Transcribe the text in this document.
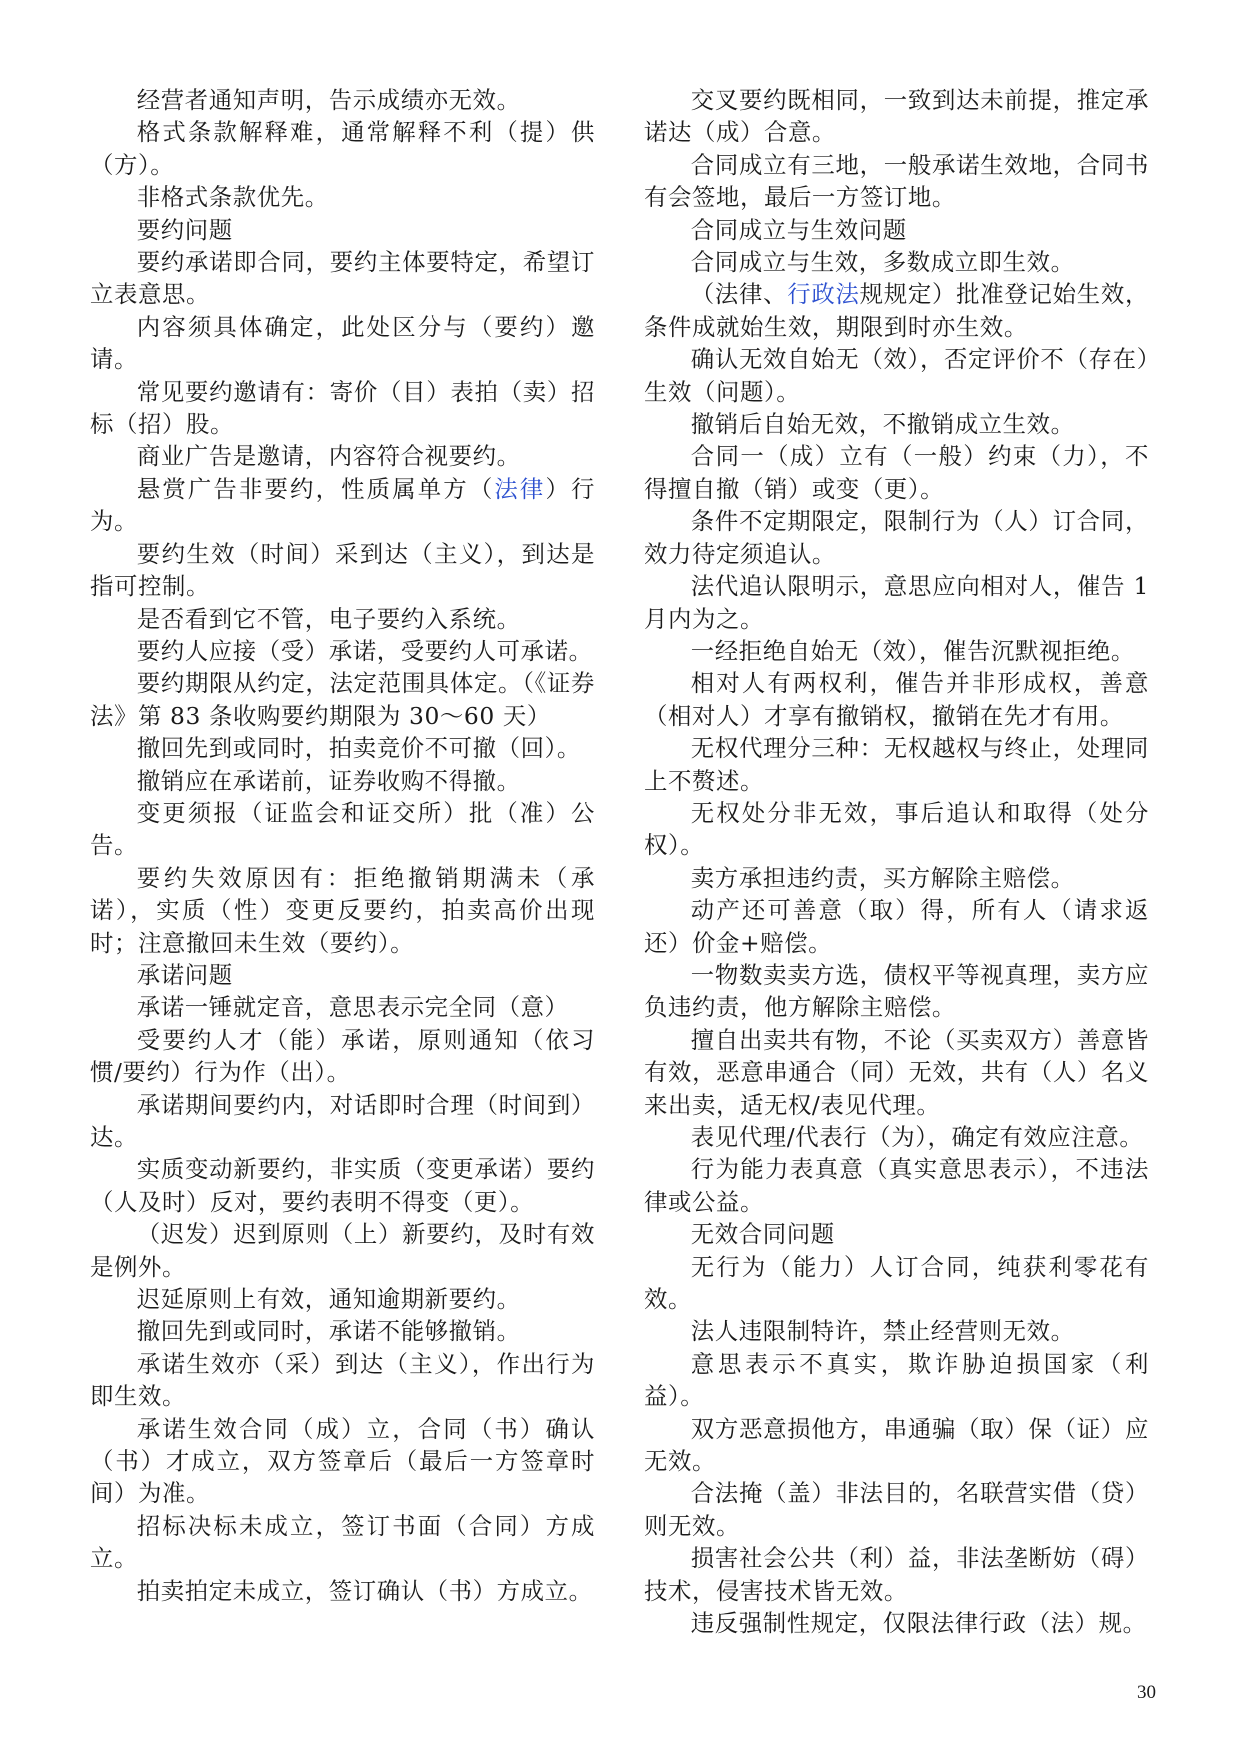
经营者通知声明，告示成绩亦无效。

格式条款解释难，通常解释不利（提）供（方）。

非格式条款优先。

要约问题

要约承诺即合同，要约主体要特定，希望订立表意思。

内容须具体确定，此处区分与（要约）邀请。

常见要约邀请有：寄价（目）表拍（卖）招标（招）股。

商业广告是邀请，内容符合视要约。

悬赏广告非要约，性质属单方（法律）行为。

要约生效（时间）采到达（主义），到达是指可控制。

是否看到它不管，电子要约入系统。

要约人应接（受）承诺，受要约人可承诺。

要约期限从约定，法定范围具体定。（《证券法》第 83 条收购要约期限为 30～60 天）

撤回先到或同时，拍卖竞价不可撤（回）。

撤销应在承诺前，证券收购不得撤。

变更须报（证监会和证交所）批（准）公告。

要约失效原因有：拒绝撤销期满未（承诺），实质（性）变更反要约，拍卖高价出现时；注意撤回未生效（要约）。

承诺问题

承诺一锤就定音，意思表示完全同（意）

受要约人才（能）承诺，原则通知（依习惯/要约）行为作（出）。

承诺期间要约内，对话即时合理（时间到）达。

实质变动新要约，非实质（变更承诺）要约（人及时）反对，要约表明不得变（更）。

（迟发）迟到原则（上）新要约，及时有效是例外。

迟延原则上有效，通知逾期新要约。

撤回先到或同时，承诺不能够撤销。

承诺生效亦（采）到达（主义），作出行为即生效。

承诺生效合同（成）立，合同（书）确认（书）才成立，双方签章后（最后一方签章时间）为准。

招标决标未成立，签订书面（合同）方成立。

拍卖拍定未成立，签订确认（书）方成立。

交叉要约既相同，一致到达未前提，推定承诺达（成）合意。

合同成立有三地，一般承诺生效地，合同书有会签地，最后一方签订地。

合同成立与生效问题

合同成立与生效，多数成立即生效。

（法律、行政法规规定）批准登记始生效，条件成就始生效，期限到时亦生效。

确认无效自始无（效），否定评价不（存在）生效（问题）。

撤销后自始无效，不撤销成立生效。

合同一（成）立有（一般）约束（力），不得擅自撤（销）或变（更）。

条件不定期限定，限制行为（人）订合同，效力待定须追认。

法代追认限明示，意思应向相对人，催告 1 月内为之。

一经拒绝自始无（效），催告沉默视拒绝。

相对人有两权利，催告并非形成权，善意（相对人）才享有撤销权，撤销在先才有用。

无权代理分三种：无权越权与终止，处理同上不赘述。

无权处分非无效，事后追认和取得（处分权）。

卖方承担违约责，买方解除主赔偿。

动产还可善意（取）得，所有人（请求返还）价金+赔偿。

一物数卖卖方选，债权平等视真理，卖方应负违约责，他方解除主赔偿。

擅自出卖共有物，不论（买卖双方）善意皆有效，恶意串通合（同）无效，共有（人）名义来出卖，适无权/表见代理。

表见代理/代表行（为），确定有效应注意。

行为能力表真意（真实意思表示），不违法律或公益。

无效合同问题

无行为（能力）人订合同，纯获利零花有效。

法人违限制特许，禁止经营则无效。

意思表示不真实，欺诈胁迫损国家（利益）。

双方恶意损他方，串通骗（取）保（证）应无效。

合法掩（盖）非法目的，名联营实借（贷）则无效。

损害社会公共（利）益，非法垄断妨（碍）技术，侵害技术皆无效。

违反强制性规定，仅限法律行政（法）规。

30
